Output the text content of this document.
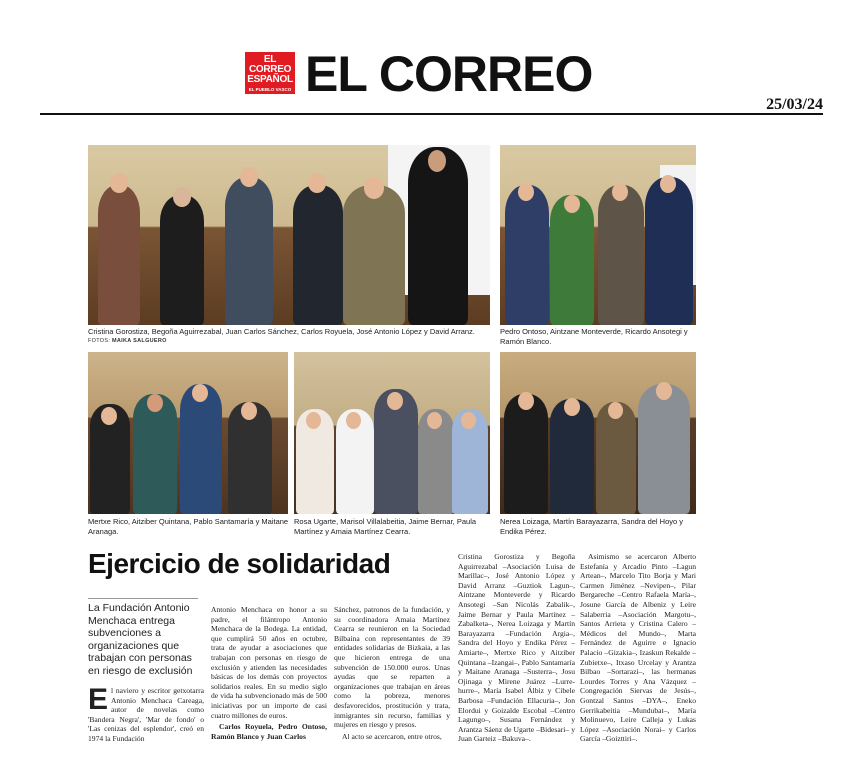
EL CORREO
ESPAÑOL
EL PUEBLO VASCO EL CORREO
25/03/24
Cristina Gorostiza, Begoña Aguirrezabal, Juan Carlos Sánchez, Carlos Royuela, José Antonio López y David Arranz.
FOTOS: MAIKA SALGUERO
Pedro Ontoso, Aintzane Monteverde, Ricardo Ansotegi y Ramón Blanco.
Mertxe Rico, Aitziber Quintana, Pablo Santamaría y Maitane Aranaga.
Rosa Ugarte, Marisol Villalabeitia, Jaime Bernar, Paula Martínez y Amaia Martínez Cearra.
Nerea Loizaga, Martín Barayazarra, Sandra del Hoyo y Endika Pérez.
Ejercicio de solidaridad
La Fundación Antonio Menchaca entrega subvenciones a organizaciones que trabajan con personas en riesgo de exclusión
El naviero y escritor getxotarra Antonio Menchaca Careaga, autor de novelas como 'Bandera Negra', 'Mar de fondo' o 'Las cenizas del esplendor', creó en 1974 la Fundación
Antonio Menchaca en honor a su padre, el filántropo Antonio Menchaca de la Bodega. La entidad, que cumplirá 50 años en octubre, trata de ayudar a asociaciones que trabajan con personas en riesgo de exclusión y atienden las necesidades básicas de los demás con proyectos solidarios reales. En su medio siglo de vida ha subvencionado más de 500 iniciativas por un importe de casi cuatro millones de euros.
Carlos Royuela, Pedro Ontoso, Ramón Blanco y Juan Carlos
Sánchez, patronos de la fundación, y su coordinadora Amaia Martínez Cearra se reunieron en la Sociedad Bilbaina con representantes de 39 entidades solidarias de Bizkaia, a las que hicieron entrega de una subvención de 150.000 euros. Unas ayudas que se reparten a organizaciones que trabajan en áreas como la pobreza, menores desfavorecidos, prostitución y trata, inmigrantes sin recurso, familias y mujeres en riesgo y presos.
Al acto se acercaron, entre otros,
Cristina Gorostiza y Begoña Aguirrezabal –Asociación Luisa de Marillac–, José Antonio López y David Arranz –Guztiok Lagun–, Aintzane Monteverde y Ricardo Ansotegi –San Nicolás Zabalik–, Jaime Bernar y Paula Martínez –Zabalketa–, Nerea Loizaga y Martín Barayazarra –Fundación Argia–, Sandra del Hoyo y Endika Pérez –Amiarte–, Mertxe Rico y Aitziber Quintana –Izangai–, Pablo Santamaría y Maitane Aranaga –Susterra–, Josu Ojinaga y Mirene Juárez –Lurre-hurre–, María Isabel Álbiz y Cibele Barbosa –Fundación Ellacuria–, Jon Elordui y Goizalde Escobal –Centro Lagungo–, Susana Fernández y Arantza Sáenz de Ugarte –Bidesari– y Juan Garteiz –Bakuva–.
Asimismo se acercaron Alberto Estefanía y Arcadio Pinto –Lagun Artean–, Marcelo Tito Borja y Mari Carmen Jiménez –Nevipen–, Pilar Bergareche –Centro Rafaela María–, Josune García de Albeniz y Leire Salaberria –Asociación Margotu–, Santos Arrieta y Cristina Calero –Médicos del Mundo–, Marta Fernández de Aguirre e Ignacio Palacio –Gizakia–, Izaskun Rekalde –Zubietxe–, Itxaso Urcelay y Arantza Bilbao –Sortarazi–, las hermanas Lourdes Torres y Ana Vázquez –Congregación Siervas de Jesús–, Gontzal Santos –DYA–, Eneko Gerrikabeitia –Mundubat–, María Molinuevo, Leire Calleja y Lukas López –Asociación Norai– y Carlos García –Goizttiri–.
